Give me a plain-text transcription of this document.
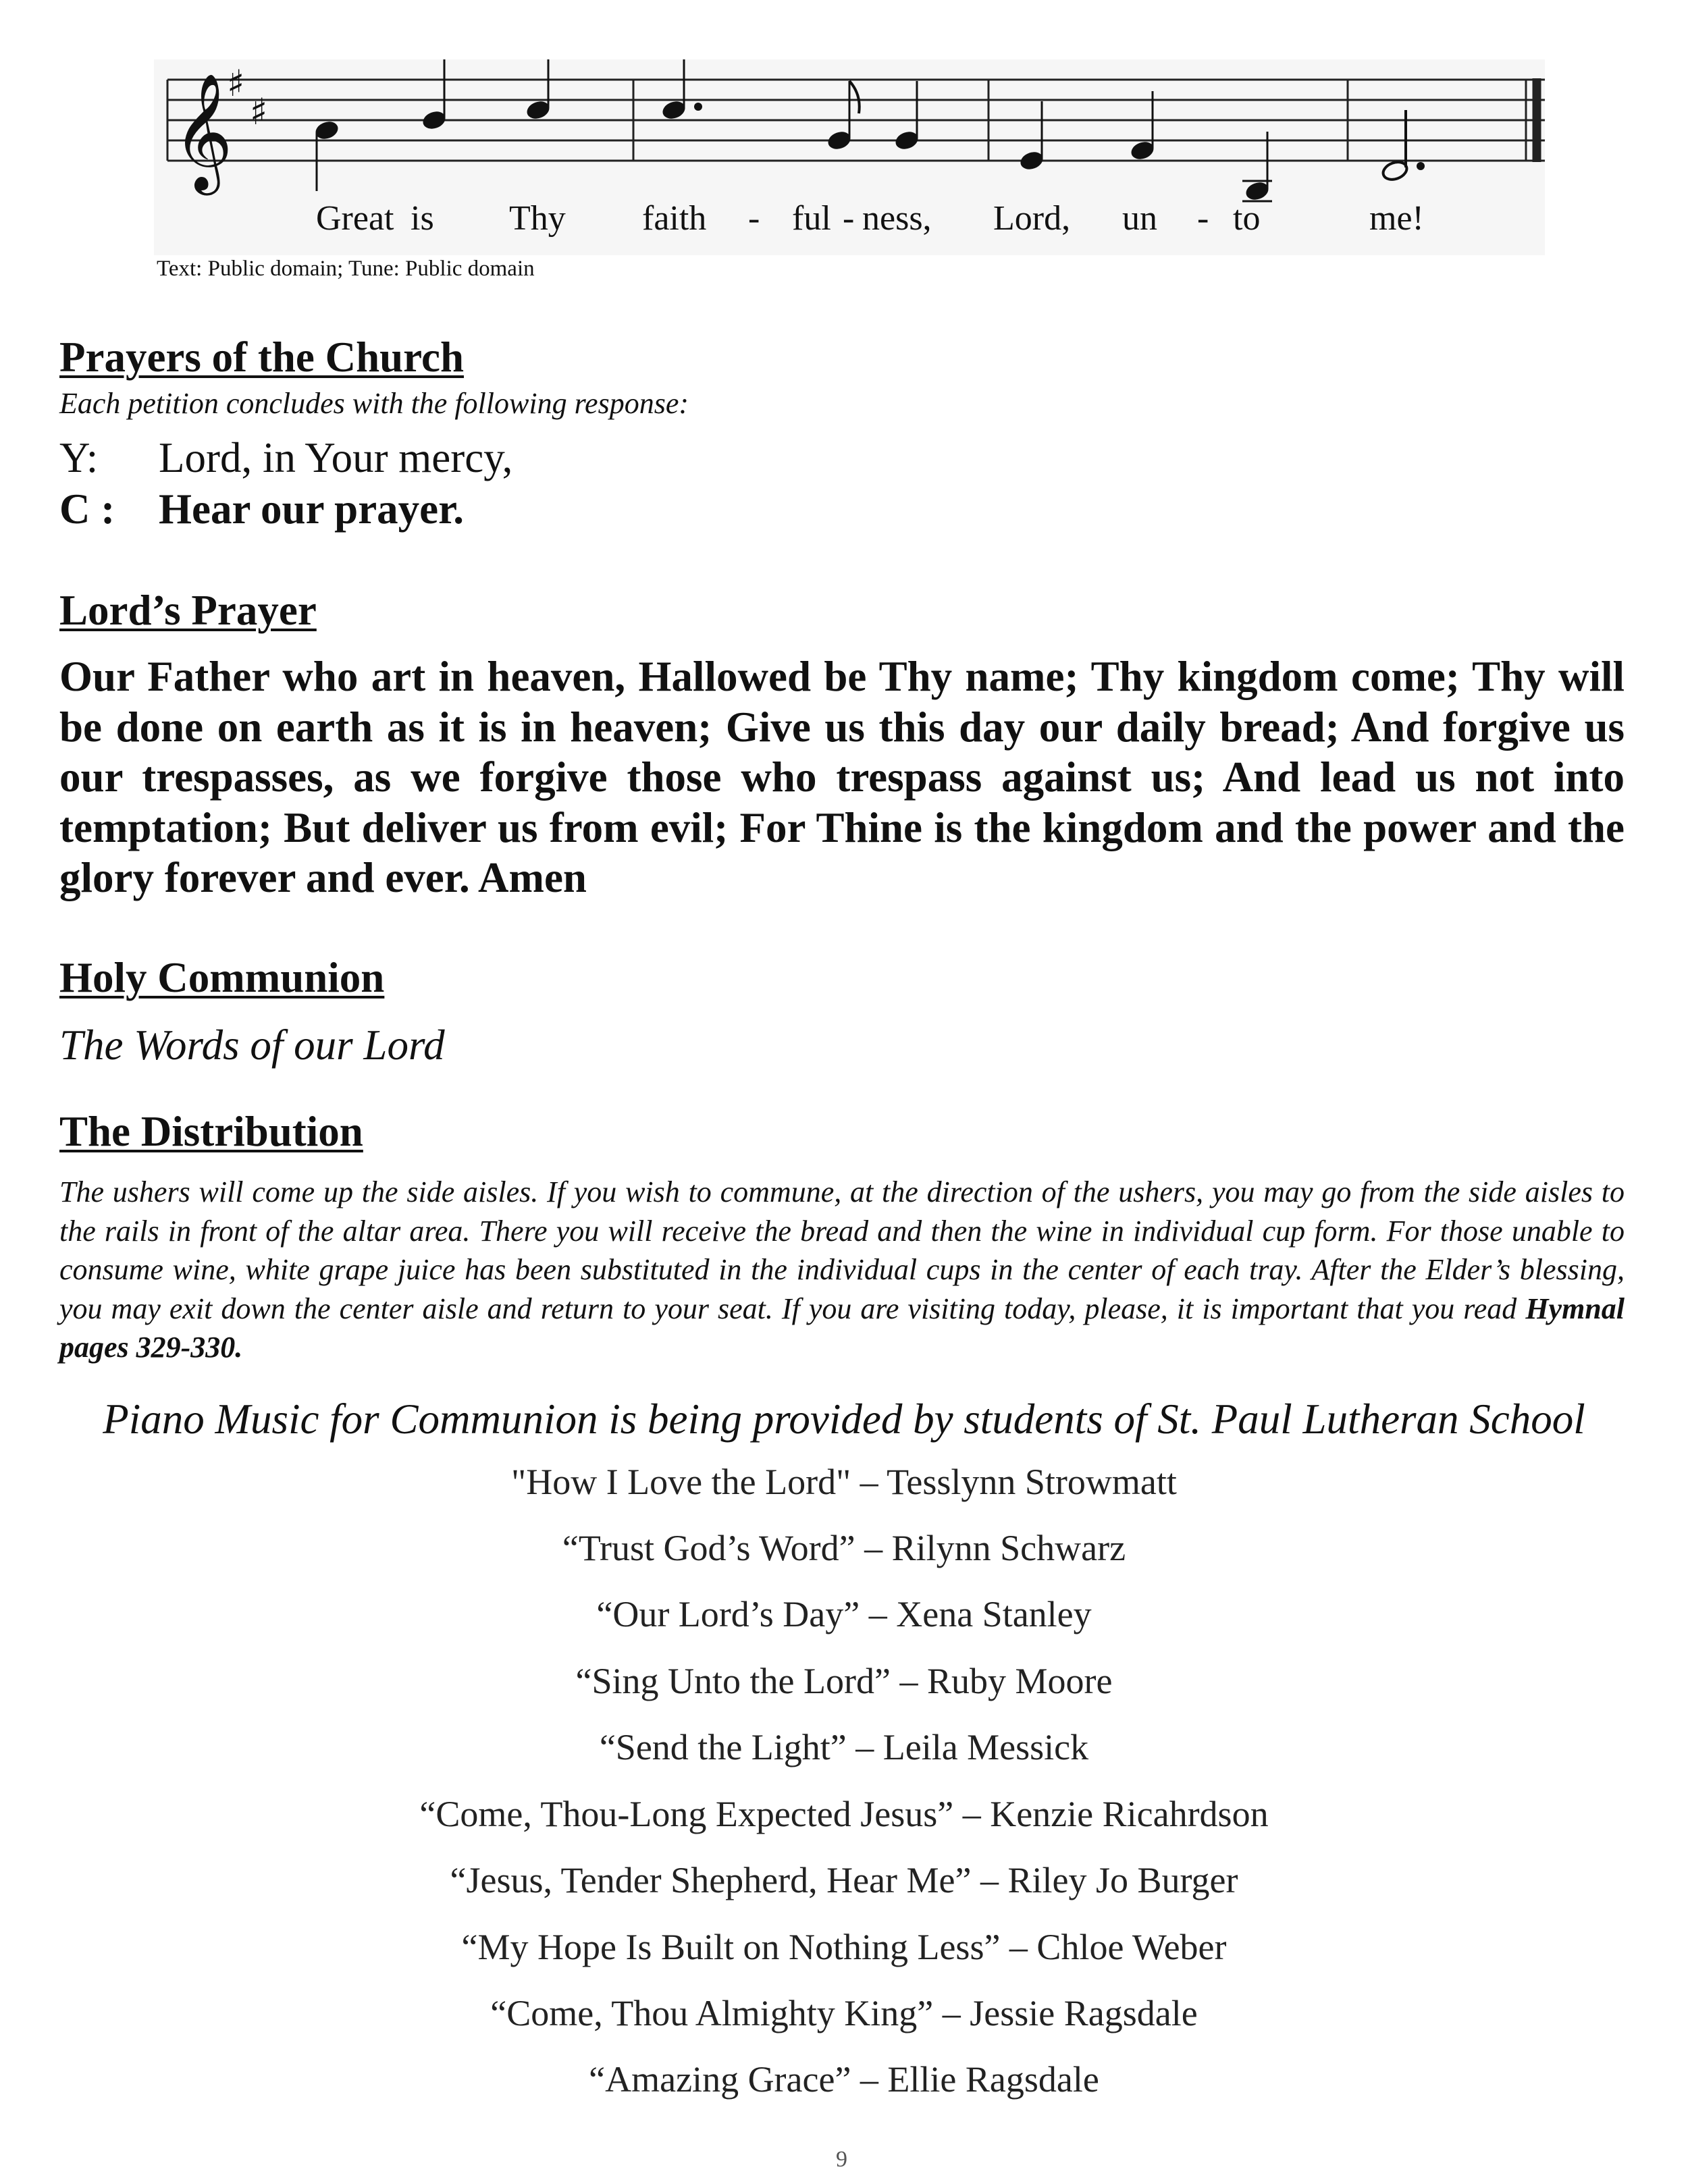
𝄞
♯
♯
Great is Thy faith - ful - ness, Lord, un - to	me!
Text: Public domain; Tune: Public domain
Prayers of the Church
Each petition concludes with the following response:
Y: Lord, in Your mercy,
C : Hear our prayer.
Lord’s Prayer

Our Father who art in heaven, Hallowed be Thy name; Thy kingdom come; Thy will be done on earth as it is in heaven; Give us this day our daily bread; And forgive us our trespasses, as we forgive those who trespass against us; And lead us not into temptation; But deliver us from evil; For Thine is the kingdom and the power and the glory forever and ever. Amen

Holy Communion
The Words of our Lord
The Distribution

The ushers will come up the side aisles. If you wish to commune, at the direction of the ushers, you may go from the side aisles to the rails in front of the altar area. There you will receive the bread and then the wine in individual cup form. For those unable to consume wine, white grape juice has been substituted in the individual cups in the center of each tray. After the Elder’s blessing, you may exit down the center aisle and return to your seat. If you are visiting today, please, it is important that you read Hymnal pages 329-330.

Piano Music for Communion is being provided by students of St. Paul Lutheran School
"How I Love the Lord" – Tesslynn Strowmatt
“Trust God’s Word” – Rilynn Schwarz
“Our Lord’s Day” – Xena Stanley
“Sing Unto the Lord” – Ruby Moore
“Send the Light” – Leila Messick
“Come, Thou-Long Expected Jesus” – Kenzie Ricahrdson
“Jesus, Tender Shepherd, Hear Me” – Riley Jo Burger
“My Hope Is Built on Nothing Less” – Chloe Weber
“Come, Thou Almighty King” – Jessie Ragsdale
“Amazing Grace” – Ellie Ragsdale
9
